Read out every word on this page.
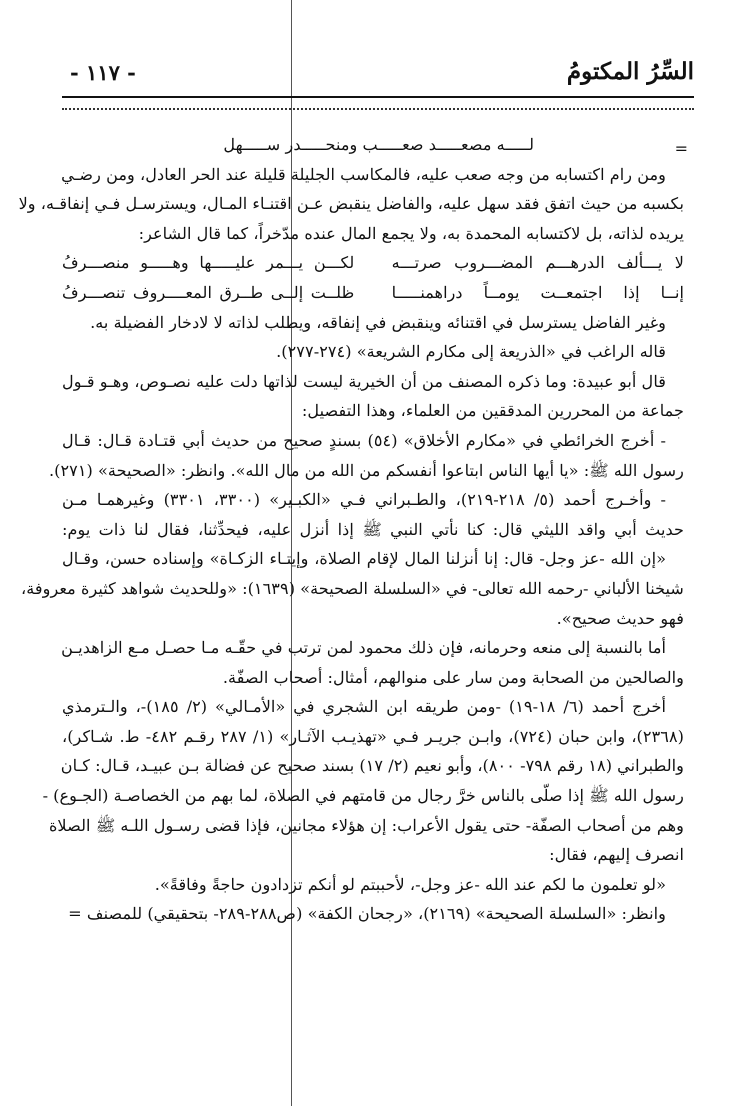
السِّرُ المكتومُ
- ١١٧ -
=
لـــــه مصعـــــد صعـــــب ومنحـــــدر ســـــهل
ومن رام اكتسابه من وجه صعب عليه، فالمكاسب الجليلة قليلة عند الحر العادل، ومن رضـي
بكسبه من حيث اتفق فقد سهل عليه، والفاضل ينقبض عـن اقتنـاء المـال، ويسترسـل فـي إنفاقـه، ولا
يريده لذاته، بل لاكتسابه المحمدة به، ولا يجمع المال عنده مدّخراً، كما قال الشاعر:
لا يـــألف الدرهـــم المضـــروب صرتـــه
لكـــن يـــمر عليـــــها وهـــــو منصـــرفُ
إنــا إذا اجتمعــت يومــاً دراهمنـــــا
ظلــت إلــى طــرق المعــــروف تنصـــرفُ
وغير الفاضل يسترسل في اقتنائه وينقبض في إنفاقه، ويطلب لذاته لا لادخار الفضيلة به.
قاله الراغب في «الذريعة إلى مكارم الشريعة» (٢٧٤-٢٧٧).
قال أبو عبيدة: وما ذكره المصنف من أن الخيرية ليست لذاتها دلت عليه نصـوص، وهـو قـول
جماعة من المحررين المدققين من العلماء، وهذا التفصيل:
- أخرج الخرائطي في «مكارم الأخلاق» (٥٤) بسندٍ صحيح من حديث أبي قتـادة قـال: قـال
رسول الله ﷺ: «يا أيها الناس ابتاعوا أنفسكم من الله من مال الله». وانظر: «الصحيحة» (٢٧١).
- وأخـرج أحمد (٥/ ٢١٨-٢١٩)، والطـبراني فـي «الكبـير» (٣٣٠٠، ٣٣٠١) وغيرهمـا مـن
حديث أبي واقد الليثي قال: كنا نأتي النبي ﷺ إذا أنزل عليه، فيحدِّثنا، فقال لنا ذات يوم:
«إن الله -عز وجل- قال: إنا أنزلنا المال لإقام الصلاة، وإيتـاء الزكـاة» وإسناده حسن، وقـال
شيخنا الألباني -رحمه الله تعالى- في «السلسلة الصحيحة» (١٦٣٩): «وللحديث شواهد كثيرة معروفة،
فهو حديث صحيح».
أما بالنسبة إلى منعه وحرمانه، فإن ذلك محمود لمن ترتب في حقّـه مـا حصـل مـع الزاهديـن
والصالحين من الصحابة ومن سار على منوالهم، أمثال: أصحاب الصفّة.
أخرج أحمد (٦/ ١٨-١٩) -ومن طريقه ابن الشجري في «الأمـالي» (٢/ ١٨٥)-، والـترمذي
(٢٣٦٨)، وابن حبان (٧٢٤)، وابـن جريـر فـي «تهذيـب الآثـار» (١/ ٢٨٧ رقـم ٤٨٢- ط. شـاكر)،
والطبراني (١٨ رقم ٧٩٨- ٨٠٠)، وأبو نعيم (٢/ ١٧) بسند صحيح عن فضالة بـن عبيـد، قـال: كـان
رسول الله ﷺ إذا صلّى بالناس خرَّ رجال من قامتهم في الصلاة، لما بهم من الخصاصـة (الجـوع) -
وهم من أصحاب الصفّة- حتى يقول الأعراب: إن هؤلاء مجانين، فإذا قضى رسـول اللـه ﷺ الصلاة
انصرف إليهم، فقال:
«لو تعلمون ما لكم عند الله -عز وجل-، لأحببتم لو أنكم تزدادون حاجةً وفاقةً».
وانظر: «السلسلة الصحيحة» (٢١٦٩)، «رجحان الكفة» (ص٢٨٨-٢٨٩- بتحقيقي) للمصنف =
